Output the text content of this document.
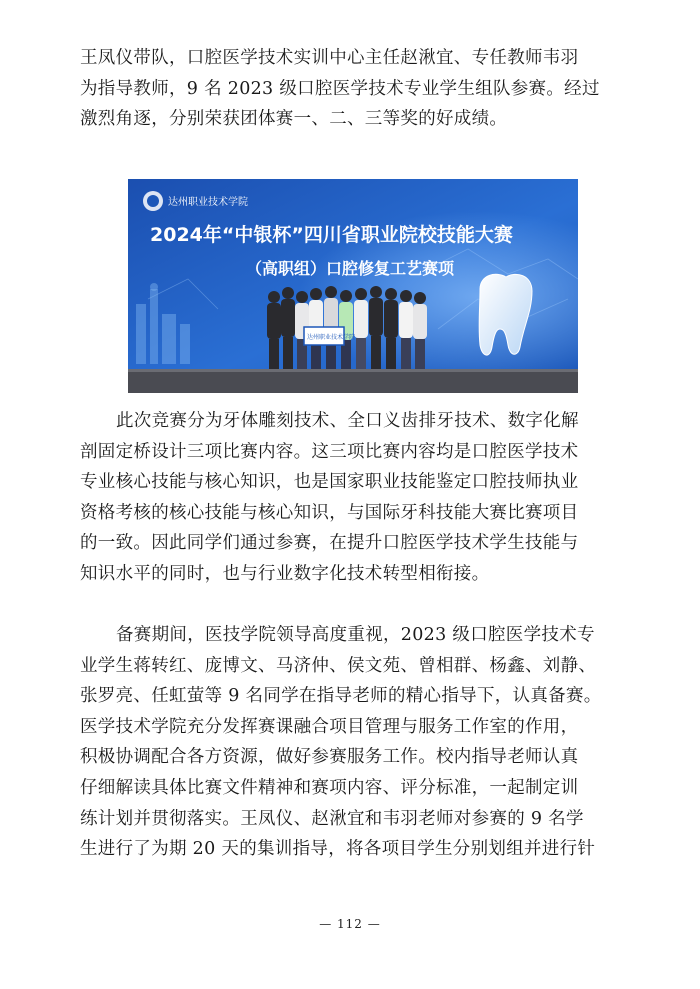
王凤仪带队，口腔医学技术实训中心主任赵湫宜、专任教师韦羽
为指导教师，9 名 2023 级口腔医学技术专业学生组队参赛。经过
激烈角逐，分别荣获团体赛一、二、三等奖的好成绩。
达州职业技术学院
2024年“中银杯”四川省职业院校技能大赛
（高职组）口腔修复工艺赛项
达州职业技术学院
此次竞赛分为牙体雕刻技术、全口义齿排牙技术、数字化解
剖固定桥设计三项比赛内容。这三项比赛内容均是口腔医学技术
专业核心技能与核心知识，也是国家职业技能鉴定口腔技师执业
资格考核的核心技能与核心知识，与国际牙科技能大赛比赛项目
的一致。因此同学们通过参赛，在提升口腔医学技术学生技能与
知识水平的同时，也与行业数字化技术转型相衔接。
备赛期间，医技学院领导高度重视，2023 级口腔医学技术专
业学生蒋转红、庞博文、马济仲、侯文苑、曾相群、杨鑫、刘静、
张罗亮、任虹萤等 9 名同学在指导老师的精心指导下，认真备赛。
医学技术学院充分发挥赛课融合项目管理与服务工作室的作用，
积极协调配合各方资源，做好参赛服务工作。校内指导老师认真
仔细解读具体比赛文件精神和赛项内容、评分标准，一起制定训
练计划并贯彻落实。王凤仪、赵湫宜和韦羽老师对参赛的 9 名学
生进行了为期 20 天的集训指导，将各项目学生分别划组并进行针
— 112 —
